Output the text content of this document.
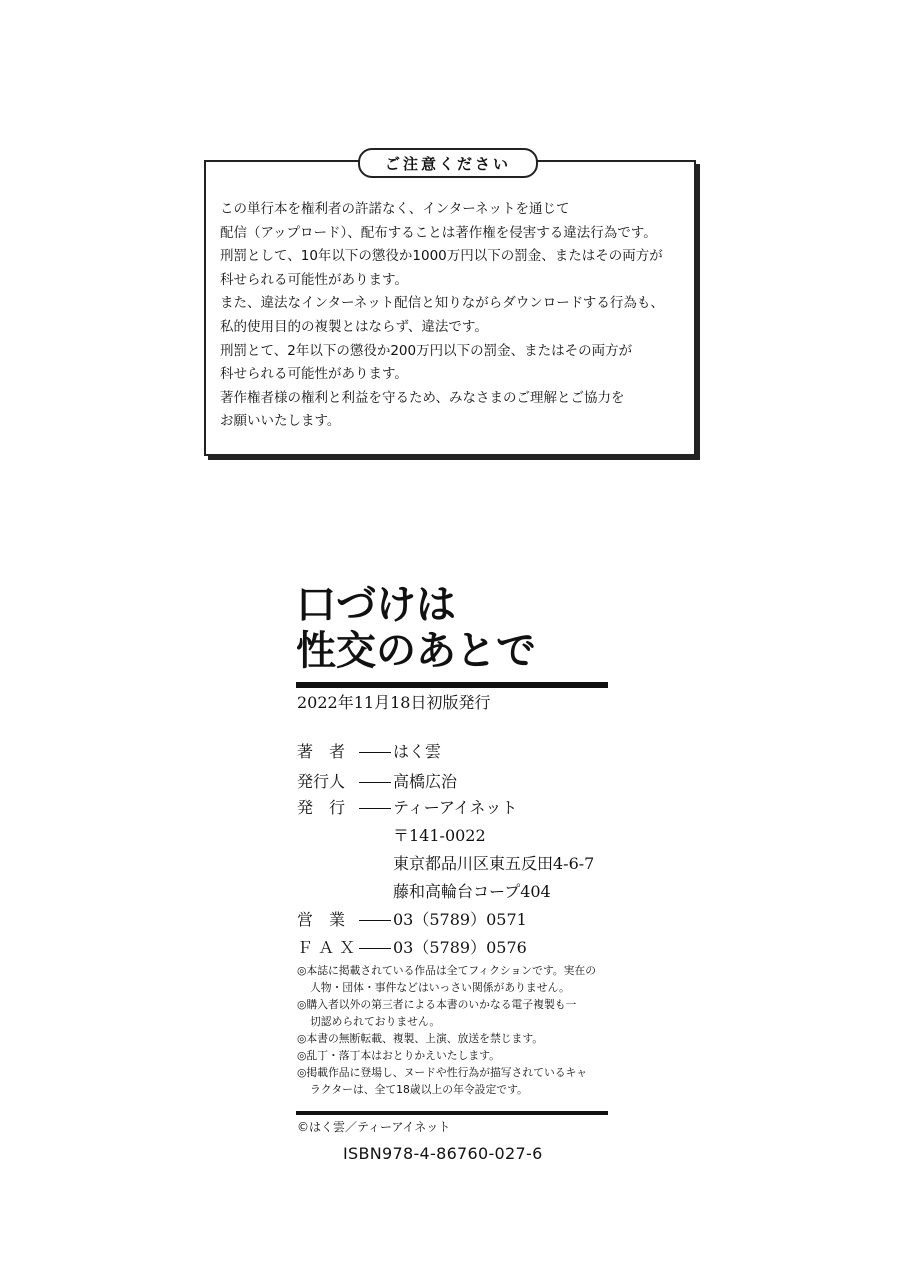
ご注意ください
この単行本を権利者の許諾なく、インターネットを通じて
配信（アップロード）、配布することは著作権を侵害する違法行為です。
刑罰として、10年以下の懲役か1000万円以下の罰金、またはその両方が
科せられる可能性があります。
また、違法なインターネット配信と知りながらダウンロードする行為も、
私的使用目的の複製とはならず、違法です。
刑罰とて、2年以下の懲役か200万円以下の罰金、またはその両方が
科せられる可能性があります。
著作権者様の権利と利益を守るため、みなさまのご理解とご協力を
お願いいたします。
口づけは
性交のあとで
2022年11月18日初版発行
著　者	はく雲
発行人	高橋広治
発　行	ティーアイネット
〒141-0022
東京都品川区東五反田4-6-7
藤和高輪台コープ404
営　業	03（5789）0571
Ｆ Ａ Ｘ 03（5789）0576
◎本誌に掲載されている作品は全てフィクションです。実在の
人物・団体・事件などはいっさい関係がありません。
◎購入者以外の第三者による本書のいかなる電子複製も一
切認められておりません。
◎本書の無断転載、複製、上演、放送を禁じます。
◎乱丁・落丁本はおとりかえいたします。
◎掲載作品に登場し、ヌードや性行為が描写されているキャ
ラクターは、全て18歳以上の年令設定です。
©はく雲／ティーアイネット
ISBN978-4-86760-027-6
